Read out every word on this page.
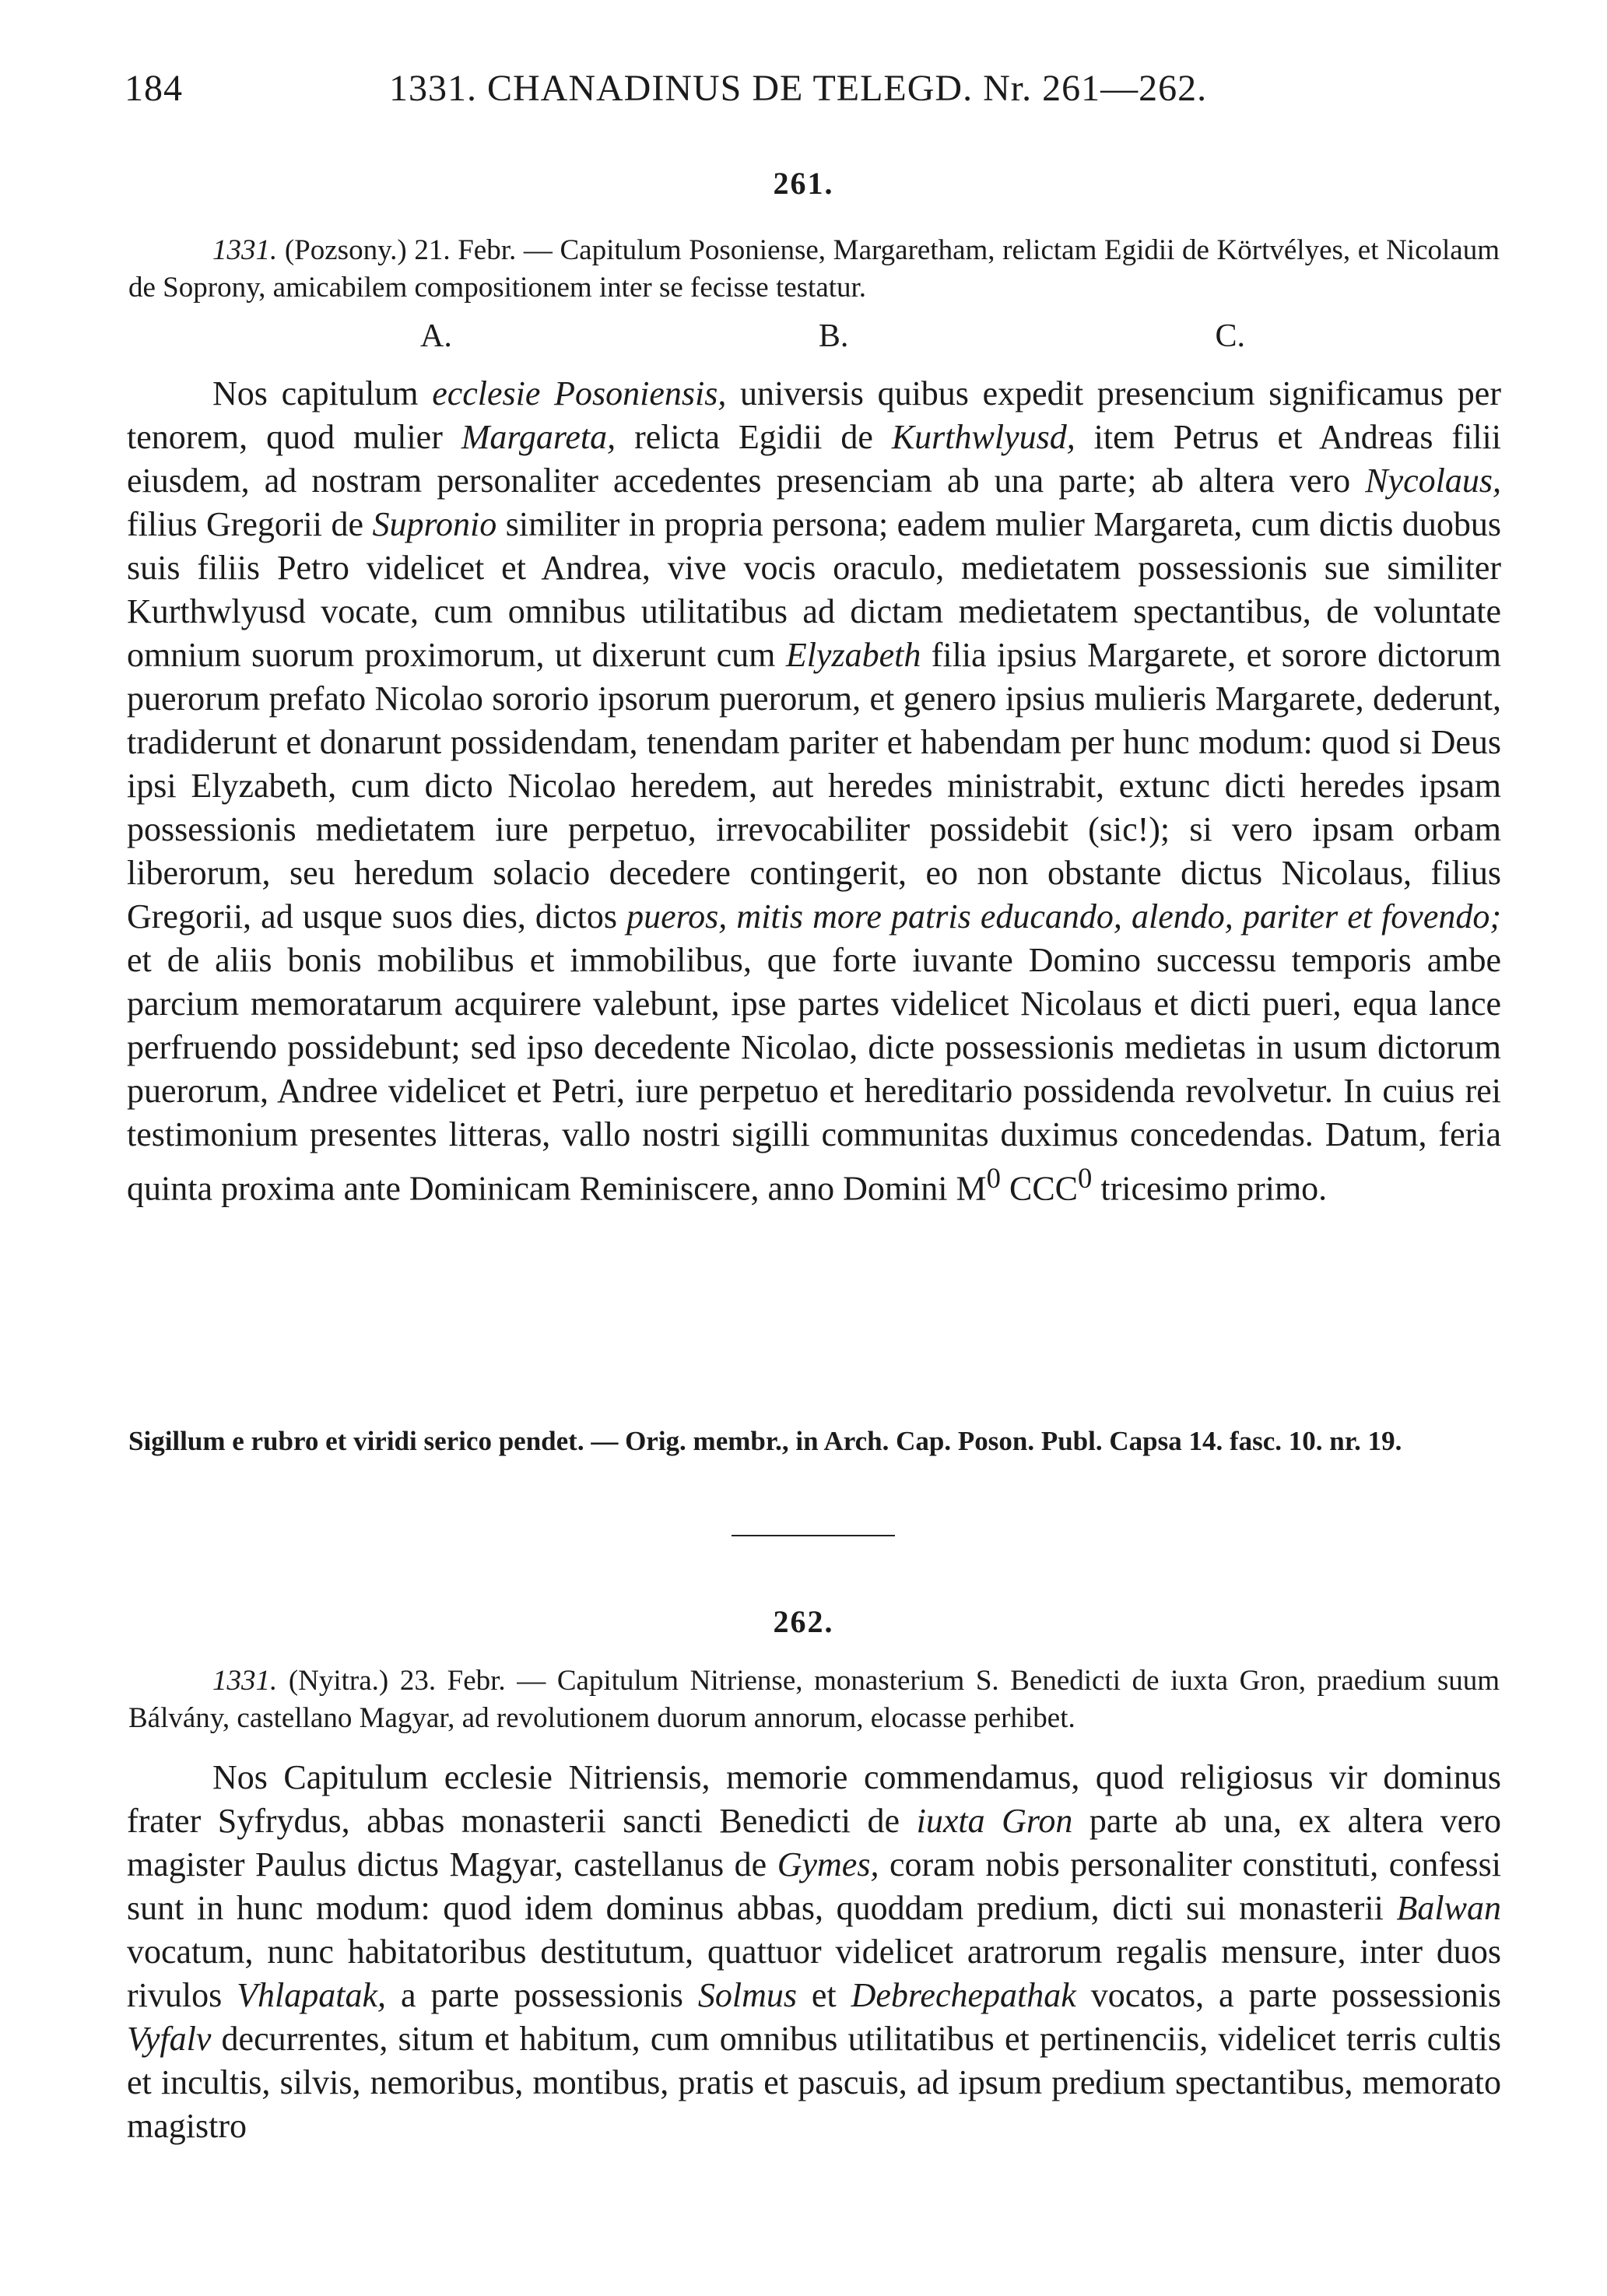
184	1331. CHANADINUS DE TELEGD. Nr. 261—262.
261.
1331. (Pozsony.) 21. Febr. — Capitulum Posoniense, Margaretham, relictam Egidii de Körtvélyes, et Nicolaum de Soprony, amicabilem compositionem inter se fecisse testatur.
A.	B.	C.
Nos capitulum ecclesie Posoniensis, universis quibus expedit presencium significamus per tenorem, quod mulier Margareta, relicta Egidii de Kurthwlyusd, item Petrus et Andreas filii eiusdem, ad nostram personaliter accedentes presenciam ab una parte; ab altera vero Nycolaus, filius Gregorii de Supronio similiter in propria persona; eadem mulier Margareta, cum dictis duobus suis filiis Petro videlicet et Andrea, vive vocis oraculo, medietatem possessionis sue similiter Kurthwlyusd vocate, cum omnibus utilitatibus ad dictam medietatem spectantibus, de voluntate omnium suorum proximorum, ut dixerunt cum Elyzabeth filia ipsius Margarete, et sorore dictorum puerorum prefato Nicolao sororio ipsorum puerorum, et genero ipsius mulieris Margarete, dederunt, tradiderunt et donarunt possidendam, tenendam pariter et habendam per hunc modum: quod si Deus ipsi Elyzabeth, cum dicto Nicolao heredem, aut heredes ministrabit, extunc dicti heredes ipsam possessionis medietatem iure perpetuo, irrevocabiliter possidebit (sic!); si vero ipsam orbam liberorum, seu heredum solacio decedere contingerit, eo non obstante dictus Nicolaus, filius Gregorii, ad usque suos dies, dictos pueros, mitis more patris educando, alendo, pariter et fovendo; et de aliis bonis mobilibus et immobilibus, que forte iuvante Domino successu temporis ambe parcium memoratarum acquirere valebunt, ipse partes videlicet Nicolaus et dicti pueri, equa lance perfruendo possidebunt; sed ipso decedente Nicolao, dicte possessionis medietas in usum dictorum puerorum, Andree videlicet et Petri, iure perpetuo et hereditario possidenda revolvetur. In cuius rei testimonium presentes litteras, vallo nostri sigilli communitas duximus concedendas. Datum, feria quinta proxima ante Dominicam Reminiscere, anno Domini $M^0$ CCC$^0$ tricesimo primo.
Sigillum e rubro et viridi serico pendet. — Orig. membr., in Arch. Cap. Poson. Publ. Capsa 14. fasc. 10. nr. 19.
262.
1331. (Nyitra.) 23. Febr. — Capitulum Nitriense, monasterium S. Benedicti de iuxta Gron, praedium suum Bálvány, castellano Magyar, ad revolutionem duorum annorum, elocasse perhibet.
Nos Capitulum ecclesie Nitriensis, memorie commendamus, quod religiosus vir dominus frater Syfrydus, abbas monasterii sancti Benedicti de iuxta Gron parte ab una, ex altera vero magister Paulus dictus Magyar, castellanus de Gymes, coram nobis personaliter constituti, confessi sunt in hunc modum: quod idem dominus abbas, quoddam predium, dicti sui monasterii Balwan vocatum, nunc habitatoribus destitutum, quattuor videlicet aratrorum regalis mensure, inter duos rivulos Vhlapatak, a parte possessionis Solmus et Debrechepathak vocatos, a parte possessionis Vyfalv decurrentes, situm et habitum, cum omnibus utilitatibus et pertinenciis, videlicet terris cultis et incultis, silvis, nemoribus, montibus, pratis et pascuis, ad ipsum predium spectantibus, memorato magistro
